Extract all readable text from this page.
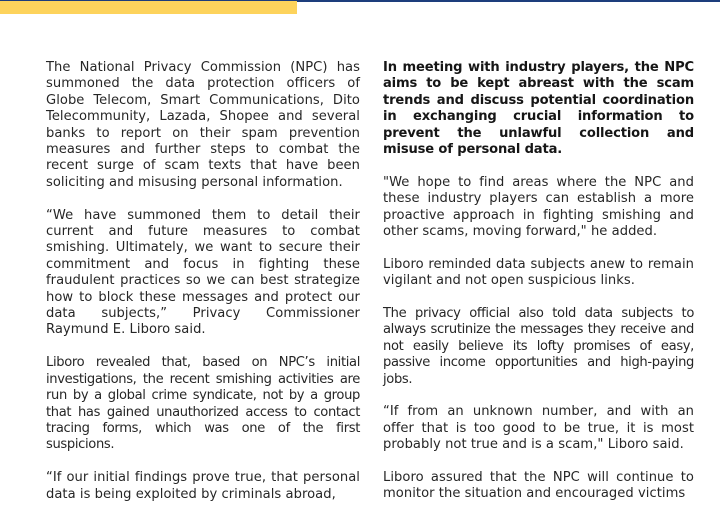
The National Privacy Commission (NPC) has summoned the data protection officers of Globe Telecom, Smart Communications, Dito Telecommunity, Lazada, Shopee and several banks to report on their spam prevention measures and further steps to combat the recent surge of scam texts that have been soliciting and misusing personal information.

“We have summoned them to detail their current and future measures to combat smishing. Ultimately, we want to secure their commitment and focus in fighting these fraudulent practices so we can best strategize how to block these messages and protect our data subjects,” Privacy Commissioner Raymund E. Liboro said.

Liboro revealed that, based on NPC’s initial investigations, the recent smishing activities are run by a global crime syndicate, not by a group that has gained unauthorized access to contact tracing forms, which was one of the first suspicions.

“If our initial findings prove true, that personal data is being exploited by criminals abroad,

In meeting with industry players, the NPC aims to be kept abreast with the scam trends and discuss potential coordination in exchanging crucial information to prevent the unlawful collection and misuse of personal data.

"We hope to find areas where the NPC and these industry players can establish a more proactive approach in fighting smishing and other scams, moving forward," he added.

Liboro reminded data subjects anew to remain vigilant and not open suspicious links.

The privacy official also told data subjects to always scrutinize the messages they receive and not easily believe its lofty promises of easy, passive income opportunities and high-paying jobs.

“If from an unknown number, and with an offer that is too good to be true, it is most probably not true and is a scam," Liboro said.

Liboro assured that the NPC will continue to monitor the situation and encouraged victims
